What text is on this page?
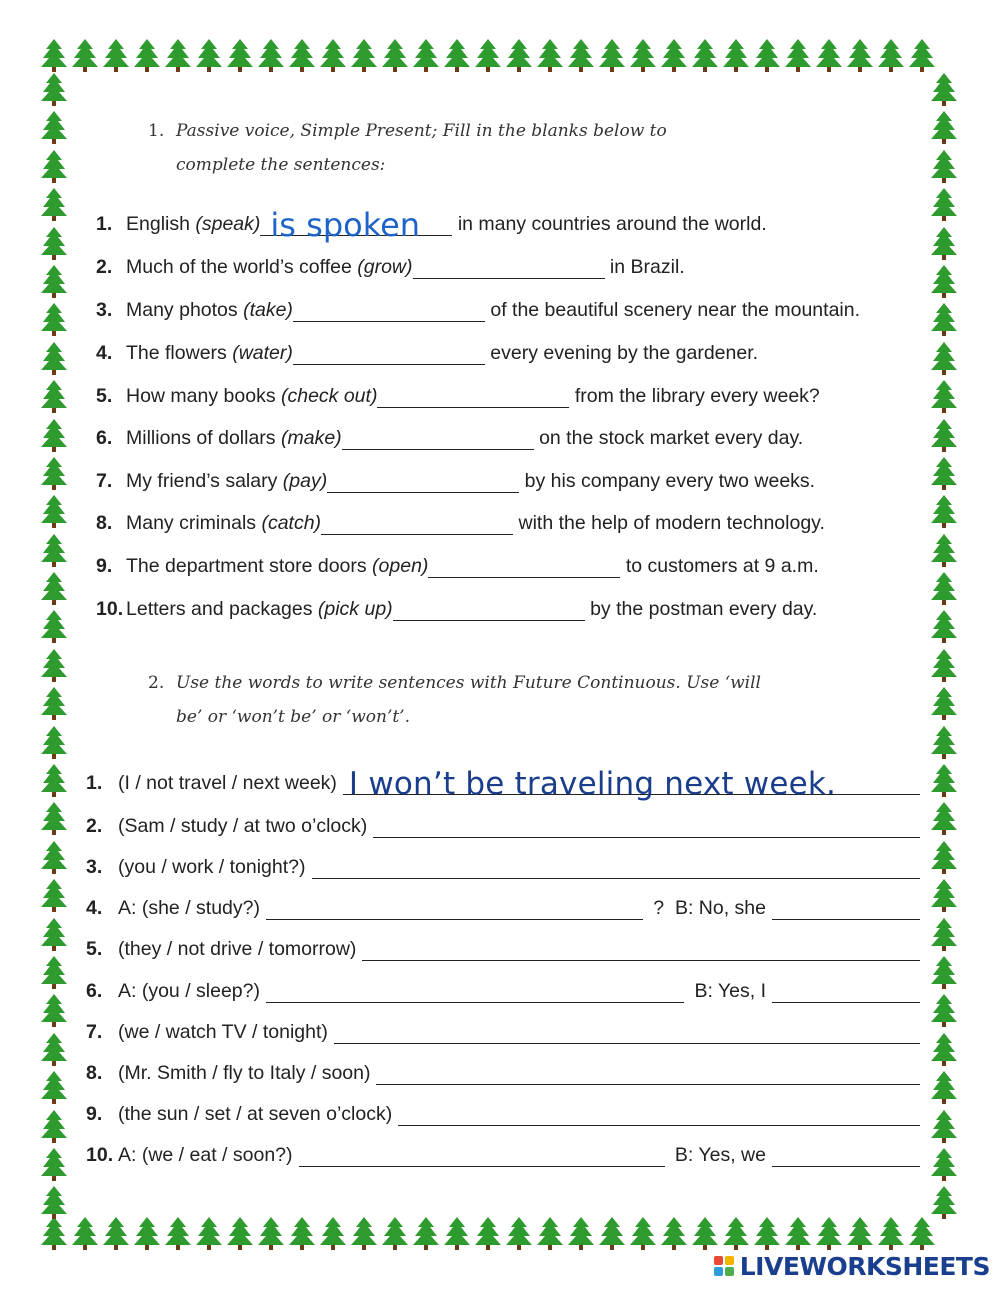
1. Passive voice, Simple Present; Fill in the blanks below to
complete the sentences:
1. English (speak) is spoken in many countries around the world.
2. Much of the world’s coffee (grow)	in Brazil.
3. Many photos (take)	of the beautiful scenery near the mountain.
4. The flowers (water)	every evening by the gardener.
5. How many books (check out)	from the library every week?
6. Millions of dollars (make)	on the stock market every day.
7. My friend’s salary (pay)	by his company every two weeks.
8. Many criminals (catch)	with the help of modern technology.
9. The department store doors (open)	to customers at 9 a.m.
10. Letters and packages (pick up)	by the postman every day.
2. Use the words to write sentences with Future Continuous. Use ‘will
be’ or ‘won’t be’ or ‘won’t’.
1. (I / not travel / next week) I won’t be traveling next week.
2. (Sam / study / at two o’clock)
3. (you / work / tonight?)
4. A: (she / study?)	?  B: No, she
5. (they / not drive / tomorrow)
6. A: (you / sleep?)	B: Yes, I
7. (we / watch TV / tonight)
8. (Mr. Smith / fly to Italy / soon)
9. (the sun / set / at seven o’clock)
10. A: (we / eat / soon?)	B: Yes, we
LIVEWORKSHEETS
